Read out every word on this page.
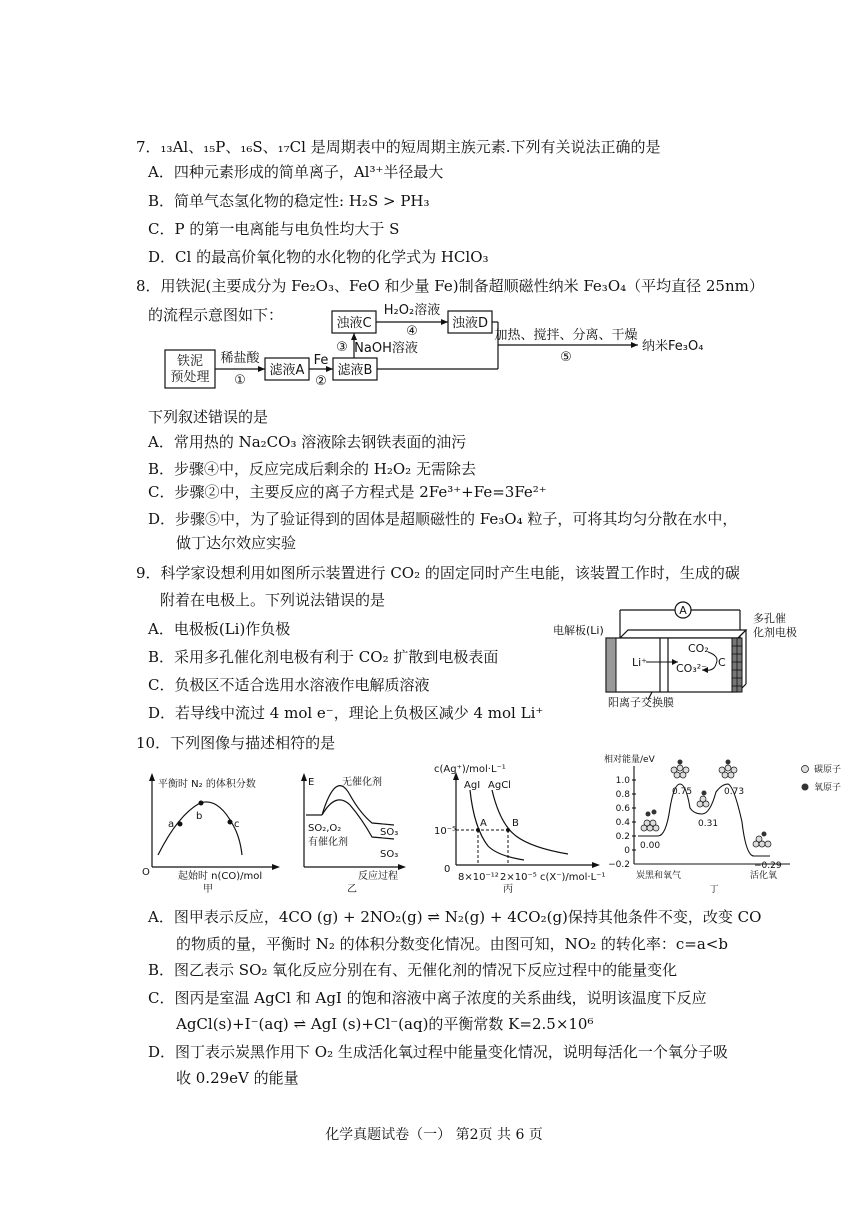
7．₁₃Al、₁₅P、₁₆S、₁₇Cl 是周期表中的短周期主族元素.下列有关说法正确的是
A．四种元素形成的简单离子，Al³⁺半径最大
B．简单气态氢化物的稳定性: H₂S > PH₃
C．P 的第一电离能与电负性均大于 S
D．Cl 的最高价氧化物的水化物的化学式为 HClO₃
8．用铁泥(主要成分为 Fe₂O₃、FeO 和少量 Fe)制备超顺磁性纳米 Fe₃O₄（平均直径 25nm）
的流程示意图如下：
铁泥
预处理
稀盐酸
①
滤液A
Fe
②
滤液B
③ NaOH溶液
浊液C
H₂O₂溶液
④
浊液D
加热、搅拌、分离、干燥
⑤
纳米Fe₃O₄
下列叙述错误的是
A．常用热的 Na₂CO₃ 溶液除去钢铁表面的油污
B．步骤④中，反应完成后剩余的 H₂O₂ 无需除去
C．步骤②中，主要反应的离子方程式是 2Fe³⁺+Fe=3Fe²⁺
D．步骤⑤中，为了验证得到的固体是超顺磁性的 Fe₃O₄ 粒子，可将其均匀分散在水中，
做丁达尔效应实验
9．科学家设想利用如图所示装置进行 CO₂ 的固定同时产生电能，该装置工作时，生成的碳
附着在电极上。下列说法错误的是
A．电极板(Li)作负极
B．采用多孔催化剂电极有利于 CO₂ 扩散到电极表面
C．负极区不适合选用水溶液作电解质溶液
D．若导线中流过 4 mol e⁻，理论上负极区减少 4 mol Li⁺
A
电解板(Li)
多孔催
化剂电极
Li⁺
CO₂
CO₃²⁻ C
阳离子交换膜
10．下列图像与描述相符的是
平衡时 N₂ 的体积分数
a
b
c
O	起始时 n(CO)/mol
甲
E	无催化剂
SO₂,O₂
有催化剂
SO₃
SO₃
反应过程
乙
c(Ag⁺)/mol·L⁻¹
AgI AgCl
A	B
10⁻⁵
0
8×10⁻¹² 2×10⁻⁵ c(X⁻)/mol·L⁻¹
丙
相对能量/eV
1.0
0.8
0.6
0.4
0.2
0
−0.2
0.00
0.75
0.31
0.73
−0.29
炭黑和氧气	活化氧
碳原子
氧原子
丁
A．图甲表示反应，4CO (g) + 2NO₂(g) ⇌ N₂(g) + 4CO₂(g)保持其他条件不变，改变 CO
的物质的量，平衡时 N₂ 的体积分数变化情况。由图可知，NO₂ 的转化率：c=a<b
B．图乙表示 SO₂ 氧化反应分别在有、无催化剂的情况下反应过程中的能量变化
C．图丙是室温 AgCl 和 AgI 的饱和溶液中离子浓度的关系曲线，说明该温度下反应
AgCl(s)+I⁻(aq) ⇌ AgI (s)+Cl⁻(aq)的平衡常数 K=2.5×10⁶
D．图丁表示炭黑作用下 O₂ 生成活化氧过程中能量变化情况，说明每活化一个氧分子吸
收 0.29eV 的能量
化学真题试卷（一） 第2页 共 6 页
